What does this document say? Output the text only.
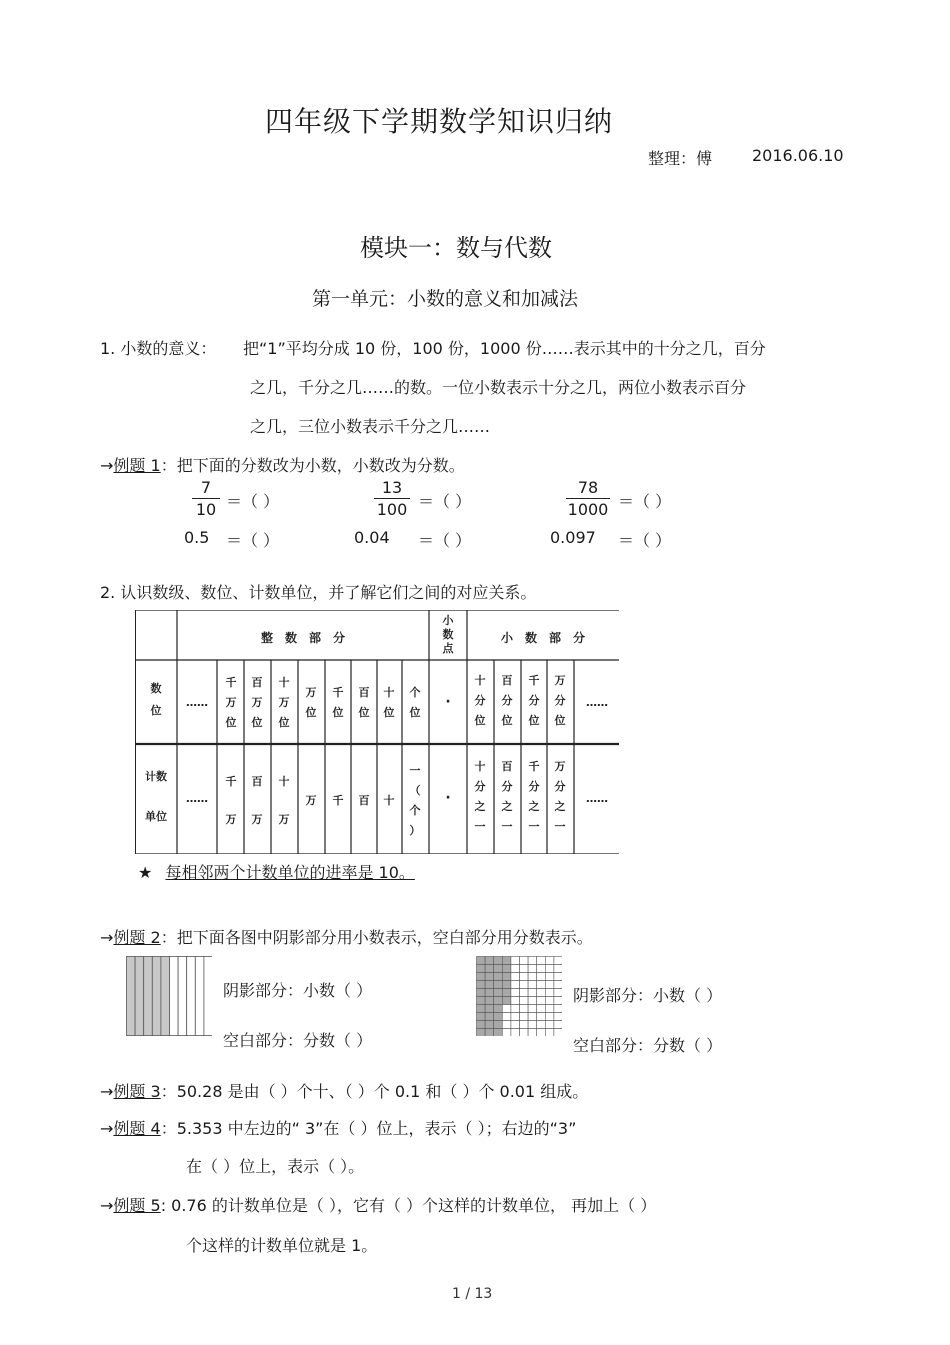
四年级下学期数学知识归纳
整理：傅 2016.06.10
模块一：数与代数
第一单元：小数的意义和加减法
1. 小数的意义： 把“1”平均分成 10 份，100 份，1000 份……表示其中的十分之几，百分
之几，千分之几……的数。一位小数表示十分之几，两位小数表示百分
之几，三位小数表示千分之几……
→例题 1：把下面的分数改为小数，小数改为分数。
7
10 ＝（ ）
13
100 ＝（ ）
78
1000 ＝（ ）
0.5 ＝（ ）	0.04 ＝（ ）	0.097 ＝（ ）
2. 认识数级、数位、计数单位，并了解它们之间的对应关系。
整　数　部　分
小
数
点
小　数　部　分
数
位
计数
单位
……
……
……
……
·
·
千
万
位
百
万
位
十
万
位
万
位
千
位
百
位
十
位
个
位
千
万
百
万
十
万
万 千 百 十
一
（
个
）
十
分
位
百
分
位
千
分
位
万
分
位
十
分
之
一
百
分
之
一
千
分
之
一
万
分
之
一
★ 每相邻两个计数单位的进率是 10。
→例题 2：把下面各图中阴影部分用小数表示，空白部分用分数表示。
阴影部分：小数（ ）
空白部分：分数（ ）
阴影部分：小数（ ）
空白部分：分数（ ）
→例题 3：50.28 是由（ ）个十、（ ）个 0.1 和（ ）个 0.01 组成。
→例题 4：5.353 中左边的“ 3”在（ ）位上，表示（ ）；右边的“3”
在（ ）位上，表示（ ）。
→例题 5: 0.76 的计数单位是（ ），它有（ ）个这样的计数单位， 再加上（ ）
个这样的计数单位就是 1。
1 / 13
